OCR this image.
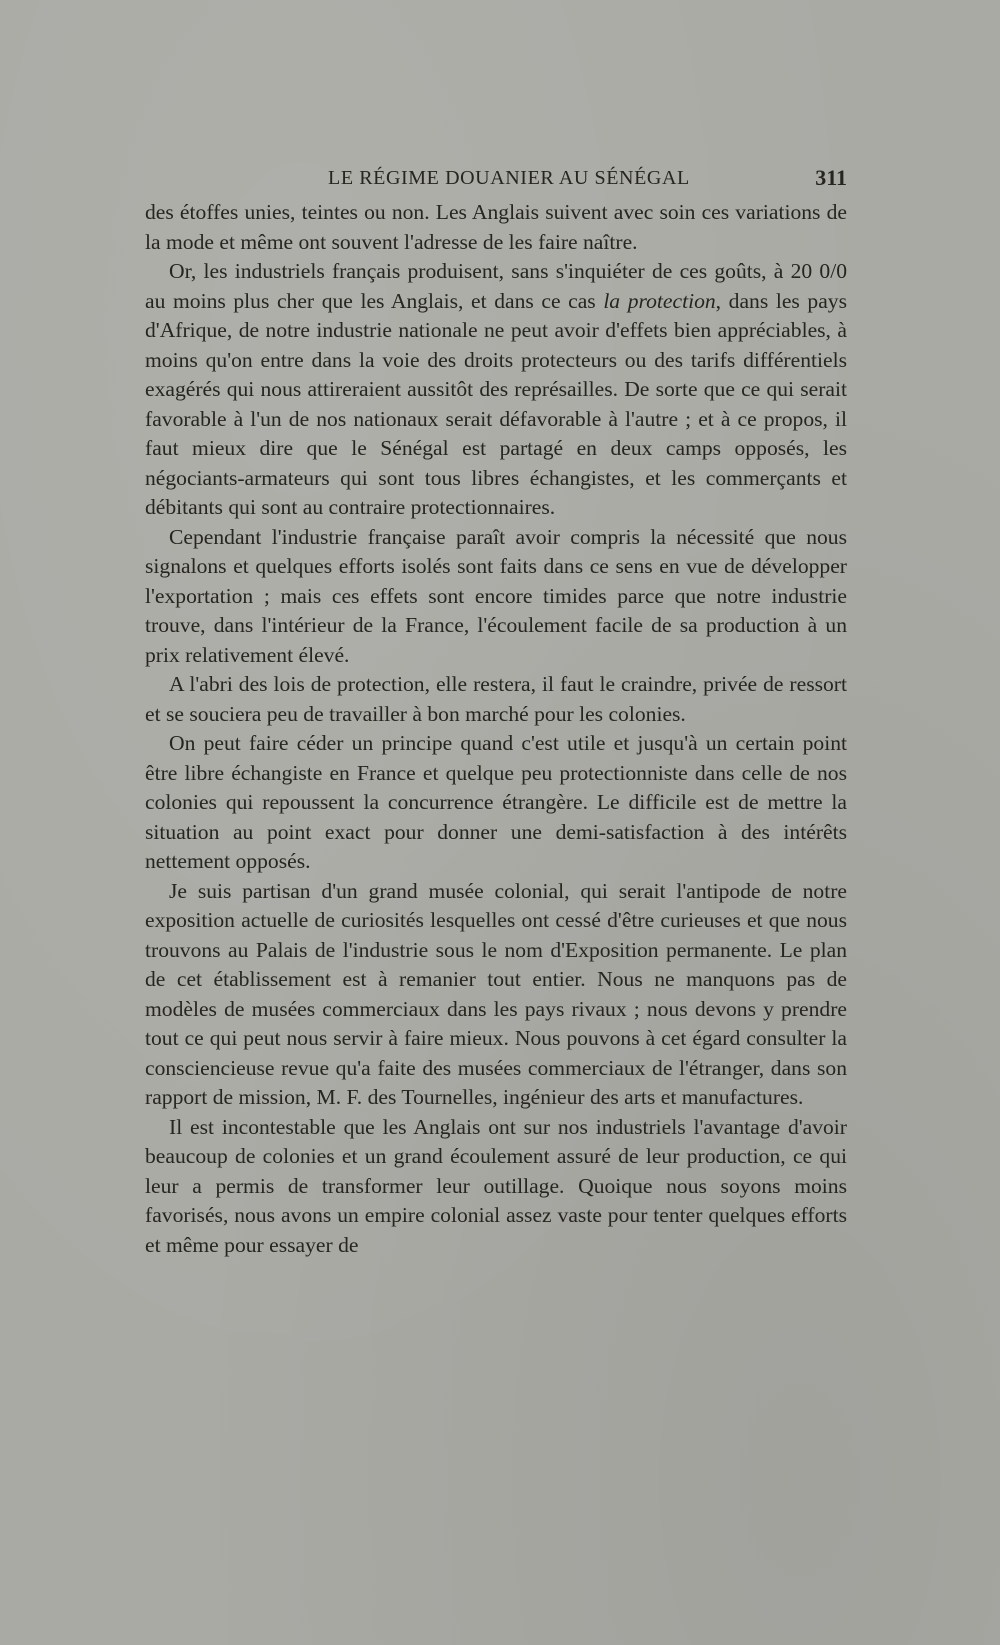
LE RÉGIME DOUANIER AU SÉNÉGAL	311

des étoffes unies, teintes ou non. Les Anglais suivent avec soin ces variations de la mode et même ont souvent l'adresse de les faire naître.

Or, les industriels français produisent, sans s'inquiéter de ces goûts, à 20 0/0 au moins plus cher que les Anglais, et dans ce cas la protection, dans les pays d'Afrique, de notre industrie nationale ne peut avoir d'effets bien appréciables, à moins qu'on entre dans la voie des droits protecteurs ou des tarifs différentiels exagérés qui nous attireraient aussitôt des représailles. De sorte que ce qui serait favorable à l'un de nos nationaux serait défavorable à l'autre ; et à ce propos, il faut mieux dire que le Sénégal est partagé en deux camps opposés, les négociants-armateurs qui sont tous libres échangistes, et les commerçants et débitants qui sont au contraire protectionnaires.

Cependant l'industrie française paraît avoir compris la nécessité que nous signalons et quelques efforts isolés sont faits dans ce sens en vue de développer l'exportation ; mais ces effets sont encore timides parce que notre industrie trouve, dans l'intérieur de la France, l'écoulement facile de sa production à un prix relativement élevé.

A l'abri des lois de protection, elle restera, il faut le craindre, privée de ressort et se souciera peu de travailler à bon marché pour les colonies.

On peut faire céder un principe quand c'est utile et jusqu'à un certain point être libre échangiste en France et quelque peu protectionniste dans celle de nos colonies qui repoussent la concurrence étrangère. Le difficile est de mettre la situation au point exact pour donner une demi-satisfaction à des intérêts nettement opposés.

Je suis partisan d'un grand musée colonial, qui serait l'antipode de notre exposition actuelle de curiosités lesquelles ont cessé d'être curieuses et que nous trouvons au Palais de l'industrie sous le nom d'Exposition permanente. Le plan de cet établissement est à remanier tout entier. Nous ne manquons pas de modèles de musées commerciaux dans les pays rivaux ; nous devons y prendre tout ce qui peut nous servir à faire mieux. Nous pouvons à cet égard consulter la consciencieuse revue qu'a faite des musées commerciaux de l'étranger, dans son rapport de mission, M. F. des Tournelles, ingénieur des arts et manufactures.

Il est incontestable que les Anglais ont sur nos industriels l'avantage d'avoir beaucoup de colonies et un grand écoulement assuré de leur production, ce qui leur a permis de transformer leur outillage. Quoique nous soyons moins favorisés, nous avons un empire colonial assez vaste pour tenter quelques efforts et même pour essayer de
